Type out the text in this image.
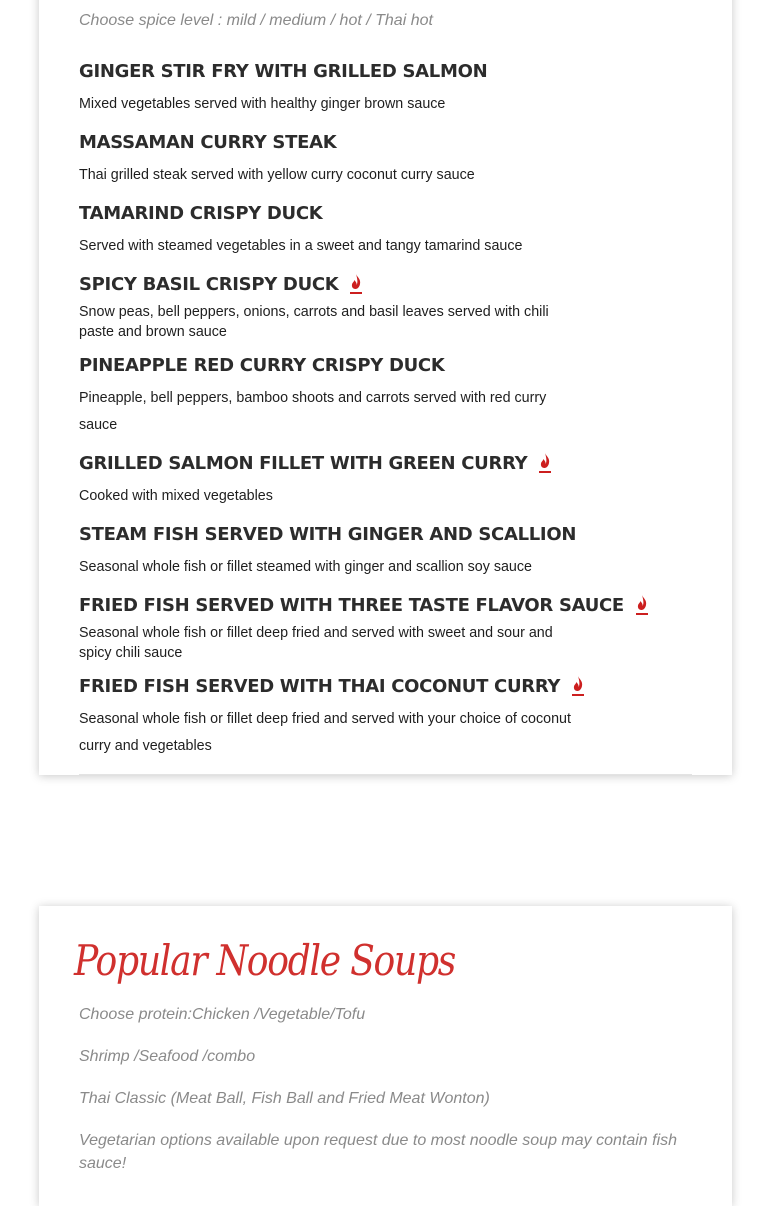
Choose spice level : mild / medium / hot / Thai hot

GINGER STIR FRY WITH GRILLED SALMON

Mixed vegetables served with healthy ginger brown sauce

MASSAMAN CURRY STEAK

Thai grilled steak served with yellow curry coconut curry sauce

TAMARIND CRISPY DUCK

Served with steamed vegetables in a sweet and tangy tamarind sauce

SPICY BASIL CRISPY DUCK

Snow peas, bell peppers, onions, carrots and basil leaves served with chili paste and brown sauce

PINEAPPLE RED CURRY CRISPY DUCK

Pineapple, bell peppers, bamboo shoots and carrots served with red curry sauce

GRILLED SALMON FILLET WITH GREEN CURRY

Cooked with mixed vegetables

STEAM FISH SERVED WITH GINGER AND SCALLION

Seasonal whole fish or fillet steamed with ginger and scallion soy sauce

FRIED FISH SERVED WITH THREE TASTE FLAVOR SAUCE

Seasonal whole fish or fillet deep fried and served with sweet and sour and spicy chili sauce

FRIED FISH SERVED WITH THAI COCONUT CURRY

Seasonal whole fish or fillet deep fried and served with your choice of coconut curry and vegetables

Popular Noodle Soups

Choose protein:Chicken /Vegetable/Tofu

Shrimp /Seafood /combo

Thai Classic (Meat Ball, Fish Ball and Fried Meat Wonton)

Vegetarian options available upon request due to most noodle soup may contain fish sauce!
